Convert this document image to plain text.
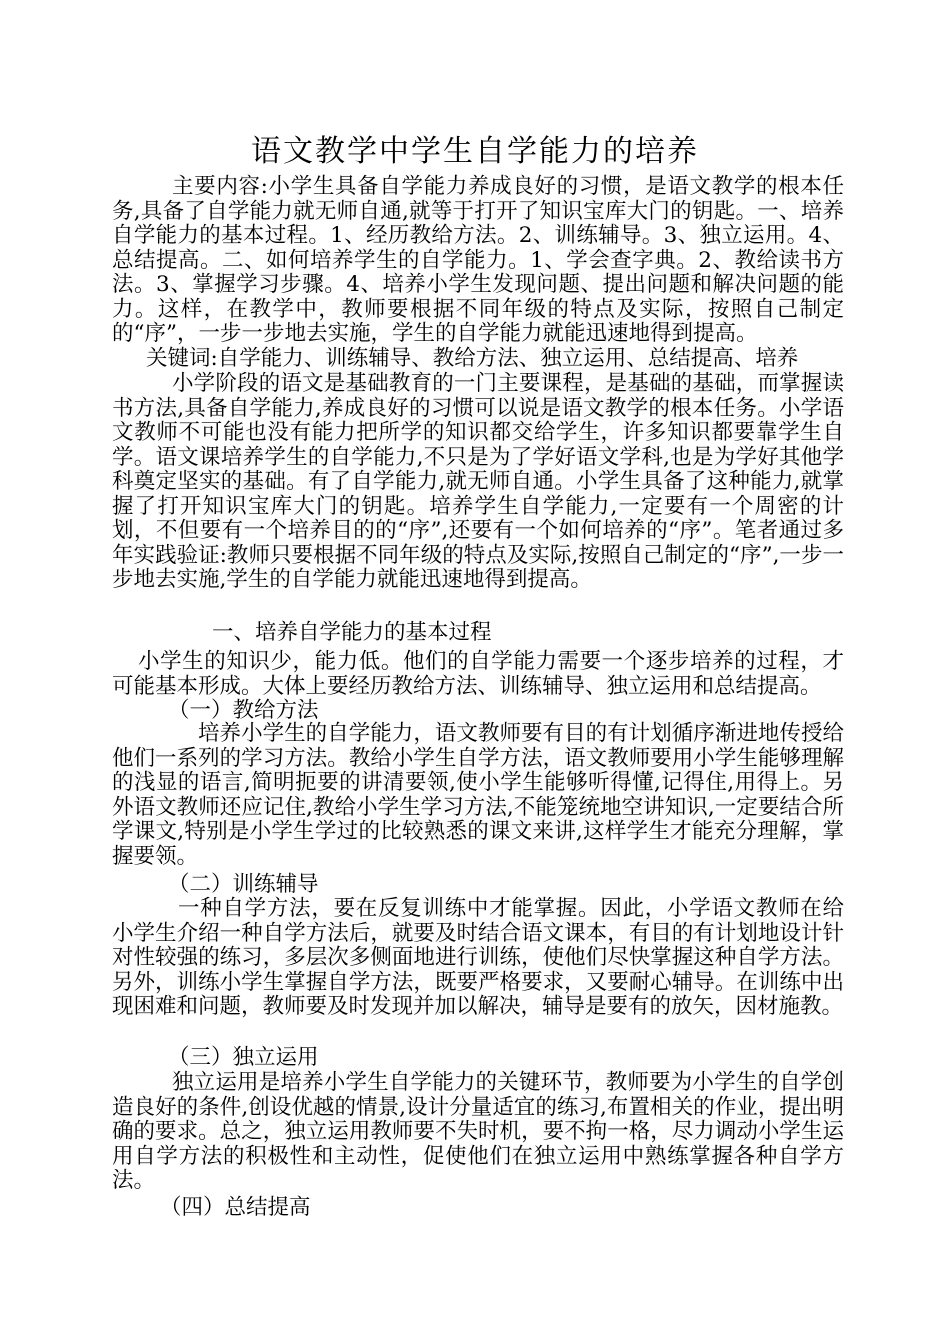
语文教学中学生自学能力的培养

主要内容:小学生具备自学能力养成良好的习惯，是语文教学的根本任务,具备了自学能力就无师自通,就等于打开了知识宝库大门的钥匙。一、培养自学能力的基本过程。1、经历教给方法。2、训练辅导。3、独立运用。4、总结提高。二、如何培养学生的自学能力。1、学会查字典。2、教给读书方法。3、掌握学习步骤。4、培养小学生发现问题、提出问题和解决问题的能力。这样，在教学中，教师要根据不同年级的特点及实际，按照自己制定的“序”，一步一步地去实施，学生的自学能力就能迅速地得到提高。

关键词:自学能力、训练辅导、教给方法、独立运用、总结提高、培养

小学阶段的语文是基础教育的一门主要课程，是基础的基础，而掌握读书方法,具备自学能力,养成良好的习惯可以说是语文教学的根本任务。小学语文教师不可能也没有能力把所学的知识都交给学生，许多知识都要靠学生自学。语文课培养学生的自学能力,不只是为了学好语文学科,也是为学好其他学科奠定坚实的基础。有了自学能力,就无师自通。小学生具备了这种能力,就掌握了打开知识宝库大门的钥匙。培养学生自学能力,一定要有一个周密的计划，不但要有一个培养目的的“序”,还要有一个如何培养的“序”。笔者通过多年实践验证:教师只要根据不同年级的特点及实际,按照自己制定的“序”,一步一步地去实施,学生的自学能力就能迅速地得到提高。

一、培养自学能力的基本过程

小学生的知识少，能力低。他们的自学能力需要一个逐步培养的过程，才可能基本形成。大体上要经历教给方法、训练辅导、独立运用和总结提高。

（一）教给方法

培养小学生的自学能力，语文教师要有目的有计划循序渐进地传授给他们一系列的学习方法。教给小学生自学方法，语文教师要用小学生能够理解的浅显的语言,简明扼要的讲清要领,使小学生能够听得懂,记得住,用得上。另外语文教师还应记住,教给小学生学习方法,不能笼统地空讲知识,一定要结合所学课文,特别是小学生学过的比较熟悉的课文来讲,这样学生才能充分理解，掌握要领。

（二）训练辅导

一种自学方法，要在反复训练中才能掌握。因此，小学语文教师在给小学生介绍一种自学方法后，就要及时结合语文课本，有目的有计划地设计针对性较强的练习，多层次多侧面地进行训练，使他们尽快掌握这种自学方法。另外，训练小学生掌握自学方法，既要严格要求，又要耐心辅导。在训练中出现困难和问题，教师要及时发现并加以解决，辅导是要有的放矢，因材施教。

（三）独立运用

独立运用是培养小学生自学能力的关键环节，教师要为小学生的自学创造良好的条件,创设优越的情景,设计分量适宜的练习,布置相关的作业，提出明确的要求。总之，独立运用教师要不失时机，要不拘一格，尽力调动小学生运用自学方法的积极性和主动性，促使他们在独立运用中熟练掌握各种自学方法。

（四）总结提高
